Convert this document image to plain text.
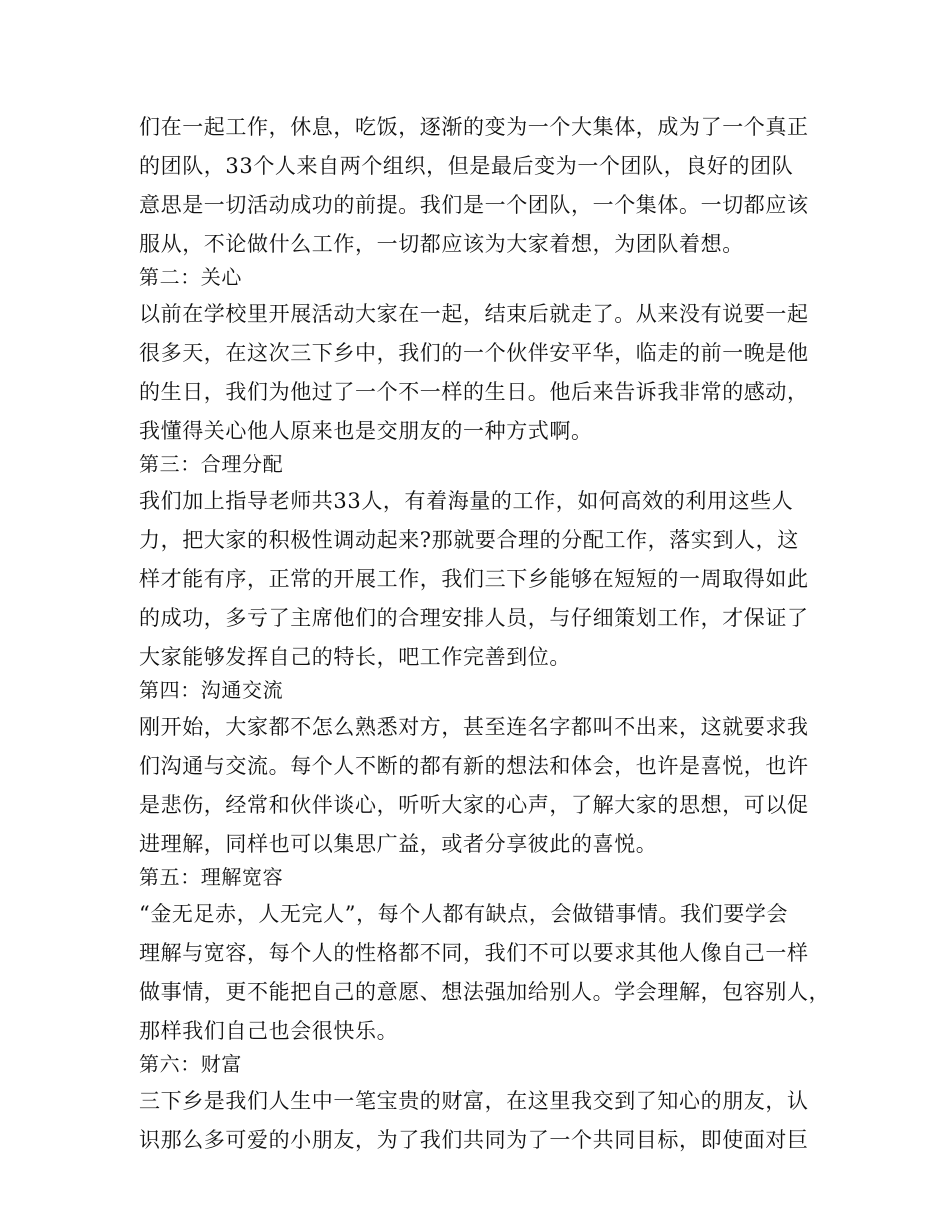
们在一起工作，休息，吃饭，逐渐的变为一个大集体，成为了一个真正
的团队，33个人来自两个组织，但是最后变为一个团队，良好的团队
意思是一切活动成功的前提。我们是一个团队，一个集体。一切都应该
服从，不论做什么工作，一切都应该为大家着想，为团队着想。
第二：关心
以前在学校里开展活动大家在一起，结束后就走了。从来没有说要一起
很多天，在这次三下乡中，我们的一个伙伴安平华，临走的前一晚是他
的生日，我们为他过了一个不一样的生日。他后来告诉我非常的感动，
我懂得关心他人原来也是交朋友的一种方式啊。
第三：合理分配
我们加上指导老师共33人，有着海量的工作，如何高效的利用这些人
力，把大家的积极性调动起来?那就要合理的分配工作，落实到人，这
样才能有序，正常的开展工作，我们三下乡能够在短短的一周取得如此
的成功，多亏了主席他们的合理安排人员，与仔细策划工作，才保证了
大家能够发挥自己的特长，吧工作完善到位。
第四：沟通交流
刚开始，大家都不怎么熟悉对方，甚至连名字都叫不出来，这就要求我
们沟通与交流。每个人不断的都有新的想法和体会，也许是喜悦，也许
是悲伤，经常和伙伴谈心，听听大家的心声，了解大家的思想，可以促
进理解，同样也可以集思广益，或者分享彼此的喜悦。
第五：理解宽容
“金无足赤，人无完人”，每个人都有缺点，会做错事情。我们要学会
理解与宽容，每个人的性格都不同，我们不可以要求其他人像自己一样
做事情，更不能把自己的意愿、想法强加给别人。学会理解，包容别人，
那样我们自己也会很快乐。
第六：财富
三下乡是我们人生中一笔宝贵的财富，在这里我交到了知心的朋友，认
识那么多可爱的小朋友，为了我们共同为了一个共同目标，即使面对巨
